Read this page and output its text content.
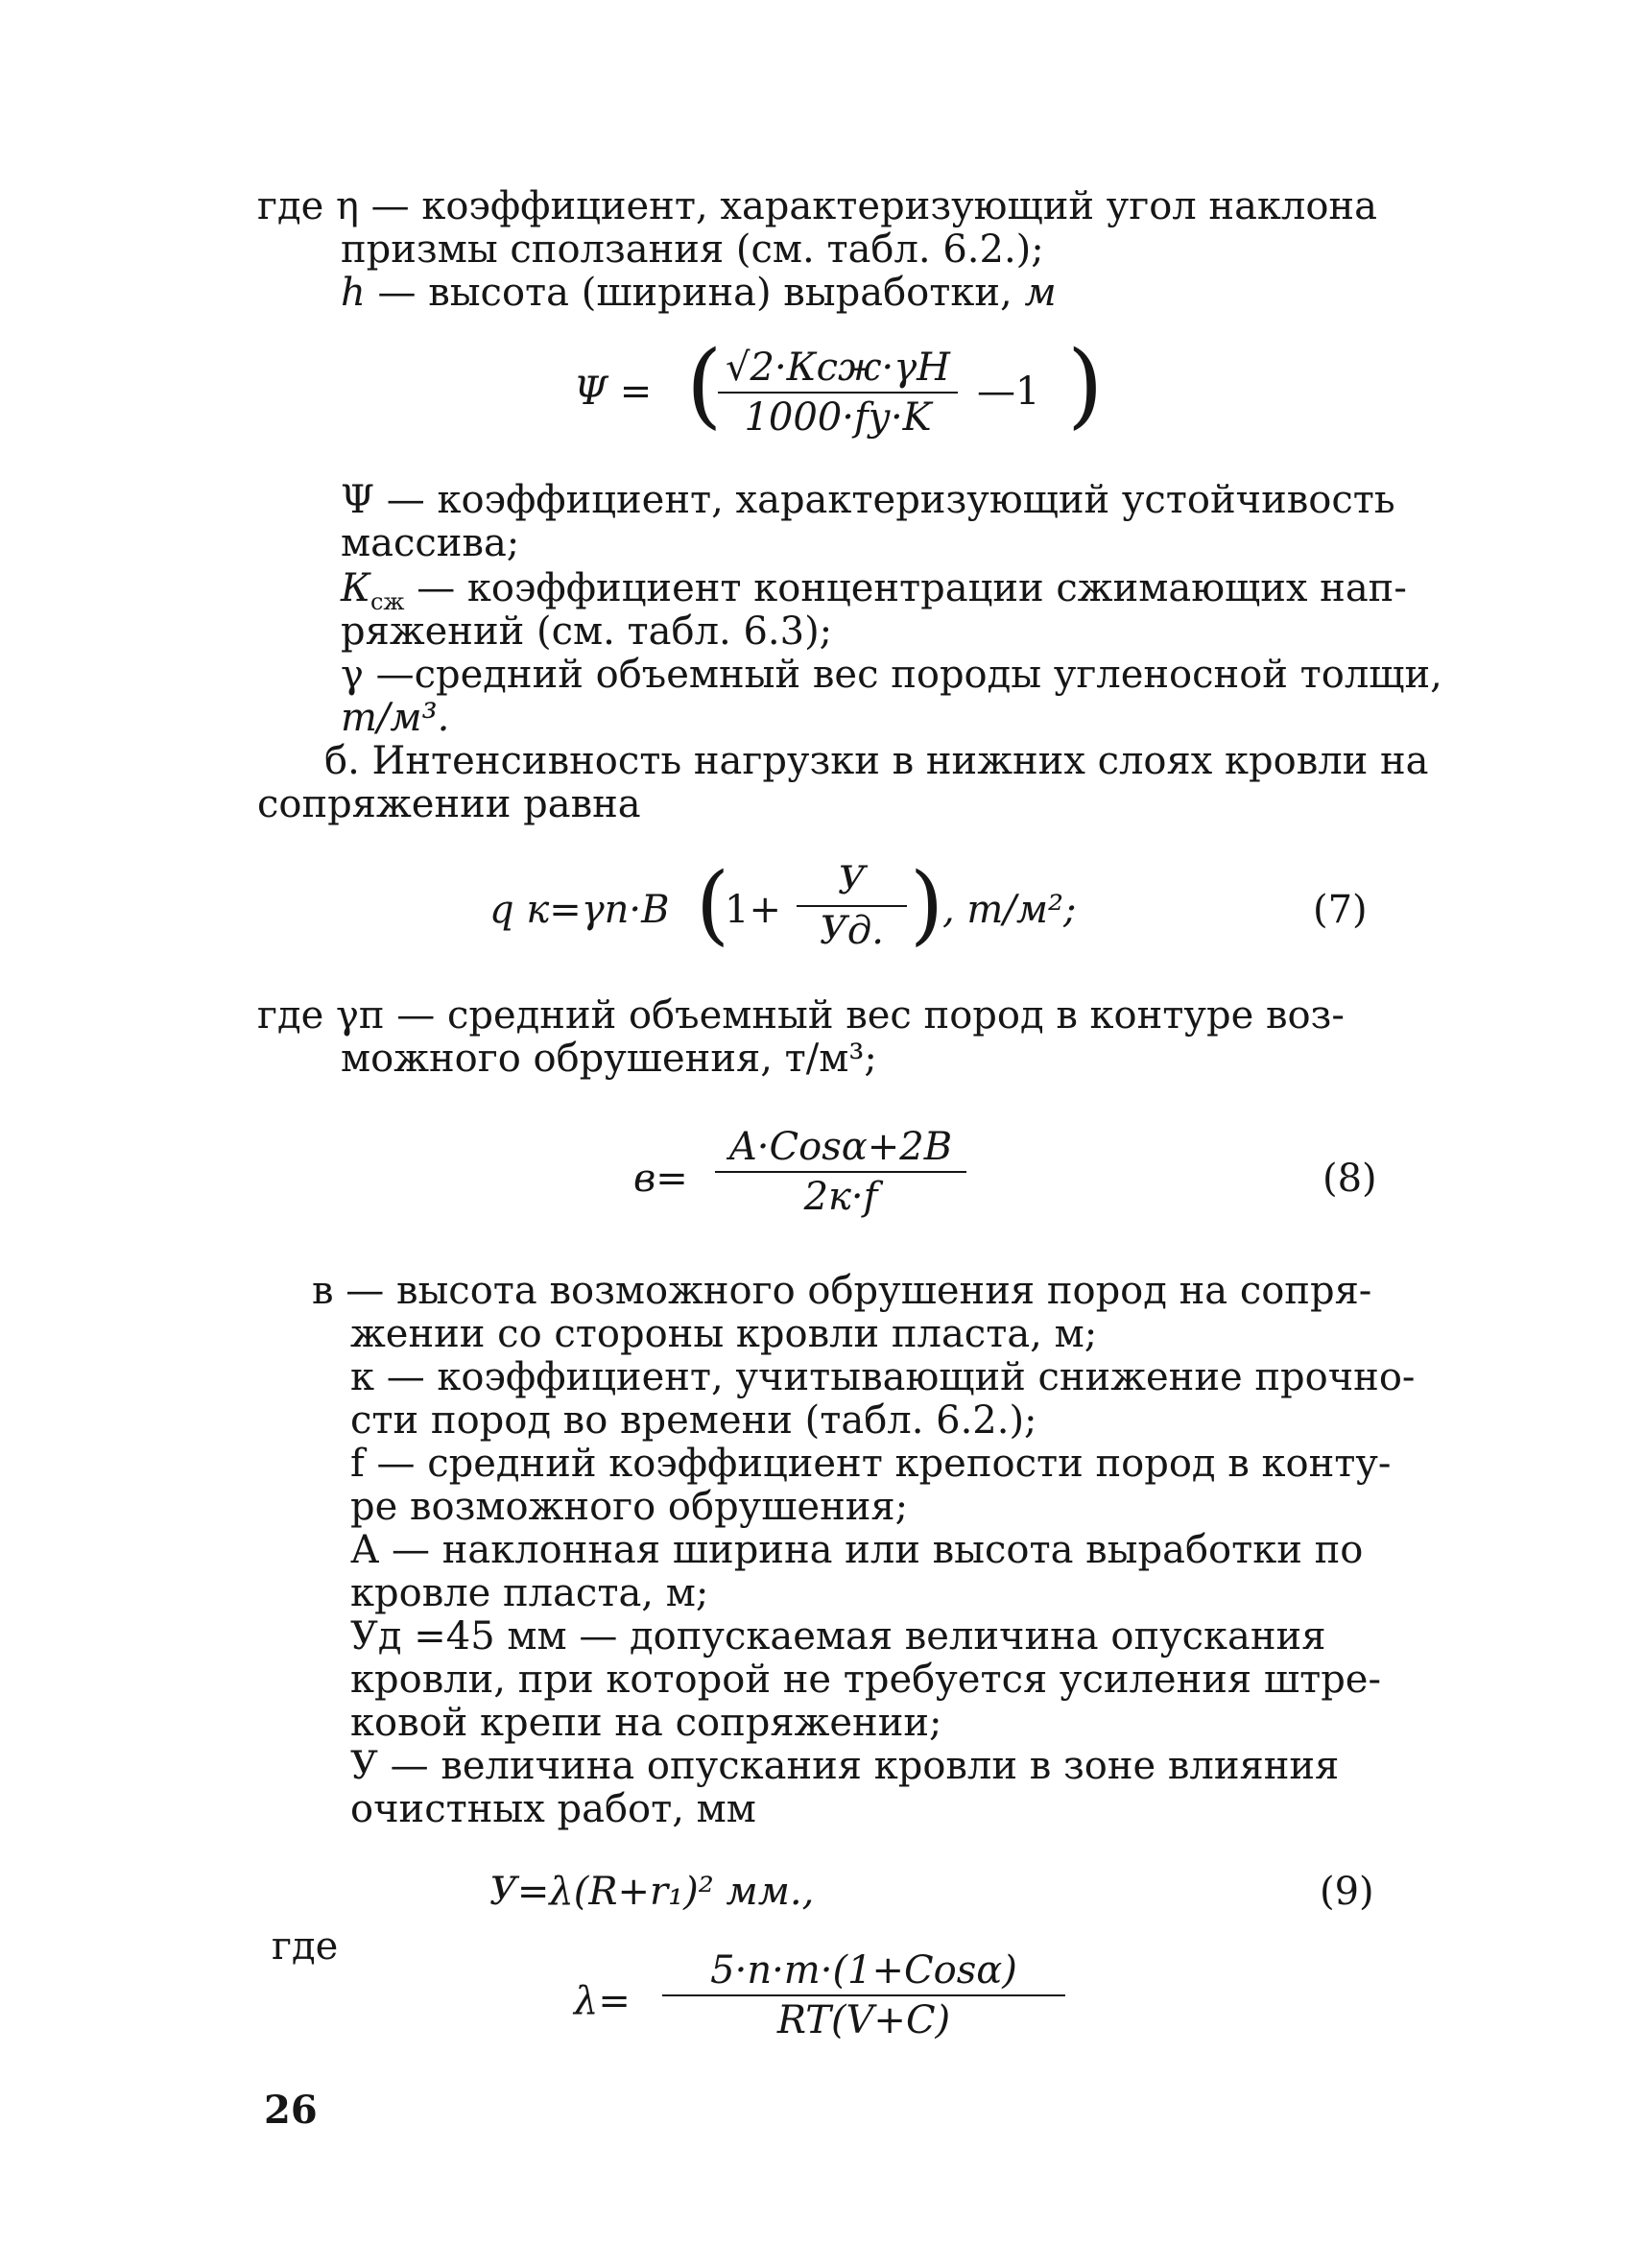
где η — коэффициент, характеризующий угол наклона
призмы сползания (см. табл. 6.2.);
h — высота (ширина) выработки, м
Ψ = ( √2·Ксж·γH
1000·fу·K
—1 )
Ψ — коэффициент, характеризующий устойчивость
массива;
$К_{сж}$ — коэффициент концентрации сжимающих нап-
ряжений (см. табл. 6.3);
γ —средний объемный вес породы угленосной толщи,
т/м³.
б. Интенсивность нагрузки в нижних слоях кровли на
сопряжении равна
q к=γп·B (
1+
У
Уд. )
, т/м²;	(7)
где γп — средний объемный вес пород в контуре воз-
можного обрушения, т/м³;
в=
A·Cosα+2B
2к·f	(8)
в — высота возможного обрушения пород на сопря-
жении со стороны кровли пласта, м;
к — коэффициент, учитывающий снижение прочно-
сти пород во времени (табл. 6.2.);
f — средний коэффициент крепости пород в конту-
ре возможного обрушения;
А — наклонная ширина или высота выработки по
кровле пласта, м;
Уд =45 мм — допускаемая величина опускания
кровли, при которой не требуется усиления штре-
ковой крепи на сопряжении;
У — величина опускания кровли в зоне влияния
очистных работ, мм
У=λ(R+r₁)² мм.,	(9)
где
λ=
5·n·m·(1+Cosα)
RT(V+C)
26
